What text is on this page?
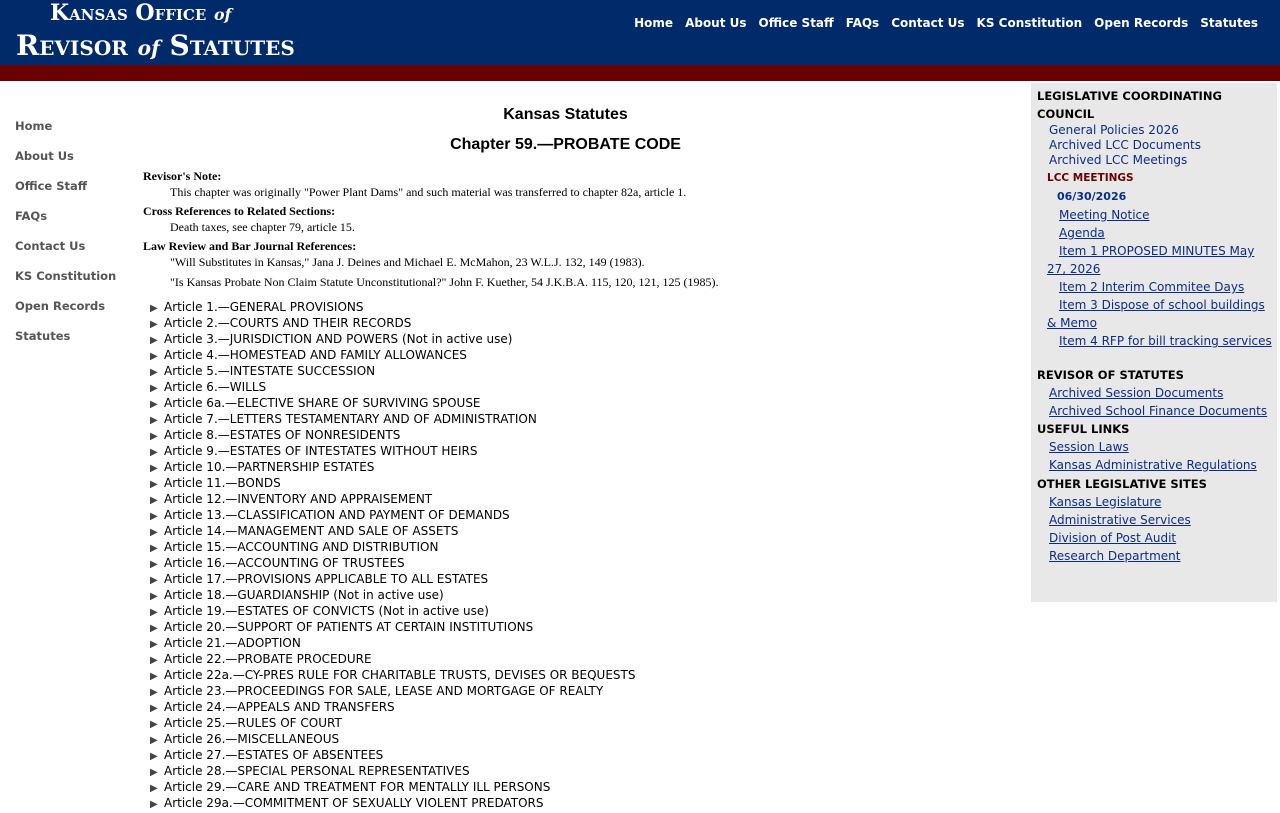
Kansas Office of
Revisor of Statutes
Home About Us Office Staff FAQs Contact Us KS Constitution Open Records Statutes
Home
About Us
Office Staff
FAQs
Contact Us
KS Constitution
Open Records
Statutes
Kansas Statutes
Chapter 59.—PROBATE CODE
Revisor's Note:
This chapter was originally "Power Plant Dams" and such material was transferred to chapter 82a, article 1.
Cross References to Related Sections:
Death taxes, see chapter 79, article 15.
Law Review and Bar Journal References:
"Will Substitutes in Kansas," Jana J. Deines and Michael E. McMahon, 23 W.L.J. 132, 149 (1983).
"Is Kansas Probate Non Claim Statute Unconstitutional?" John F. Kuether, 54 J.K.B.A. 115, 120, 121, 125 (1985).
▶ Article 1.—GENERAL PROVISIONS
▶ Article 2.—COURTS AND THEIR RECORDS
▶ Article 3.—JURISDICTION AND POWERS (Not in active use)
▶ Article 4.—HOMESTEAD AND FAMILY ALLOWANCES
▶ Article 5.—INTESTATE SUCCESSION
▶ Article 6.—WILLS
▶ Article 6a.—ELECTIVE SHARE OF SURVIVING SPOUSE
▶ Article 7.—LETTERS TESTAMENTARY AND OF ADMINISTRATION
▶ Article 8.—ESTATES OF NONRESIDENTS
▶ Article 9.—ESTATES OF INTESTATES WITHOUT HEIRS
▶ Article 10.—PARTNERSHIP ESTATES
▶ Article 11.—BONDS
▶ Article 12.—INVENTORY AND APPRAISEMENT
▶ Article 13.—CLASSIFICATION AND PAYMENT OF DEMANDS
▶ Article 14.—MANAGEMENT AND SALE OF ASSETS
▶ Article 15.—ACCOUNTING AND DISTRIBUTION
▶ Article 16.—ACCOUNTING OF TRUSTEES
▶ Article 17.—PROVISIONS APPLICABLE TO ALL ESTATES
▶ Article 18.—GUARDIANSHIP (Not in active use)
▶ Article 19.—ESTATES OF CONVICTS (Not in active use)
▶ Article 20.—SUPPORT OF PATIENTS AT CERTAIN INSTITUTIONS
▶ Article 21.—ADOPTION
▶ Article 22.—PROBATE PROCEDURE
▶ Article 22a.—CY-PRES RULE FOR CHARITABLE TRUSTS, DEVISES OR BEQUESTS
▶ Article 23.—PROCEEDINGS FOR SALE, LEASE AND MORTGAGE OF REALTY
▶ Article 24.—APPEALS AND TRANSFERS
▶ Article 25.—RULES OF COURT
▶ Article 26.—MISCELLANEOUS
▶ Article 27.—ESTATES OF ABSENTEES
▶ Article 28.—SPECIAL PERSONAL REPRESENTATIVES
▶ Article 29.—CARE AND TREATMENT FOR MENTALLY ILL PERSONS
▶ Article 29a.—COMMITMENT OF SEXUALLY VIOLENT PREDATORS
LEGISLATIVE COORDINATING COUNCIL
General Policies 2026
Archived LCC Documents
Archived LCC Meetings
LCC MEETINGS
06/30/2026
Meeting Notice
Agenda
Item 1 PROPOSED MINUTES May 27, 2026
Item 2 Interim Commitee Days
Item 3 Dispose of school buildings & Memo
Item 4 RFP for bill tracking services
REVISOR OF STATUTES
Archived Session Documents
Archived School Finance Documents
USEFUL LINKS
Session Laws
Kansas Administrative Regulations
OTHER LEGISLATIVE SITES
Kansas Legislature
Administrative Services
Division of Post Audit
Research Department
